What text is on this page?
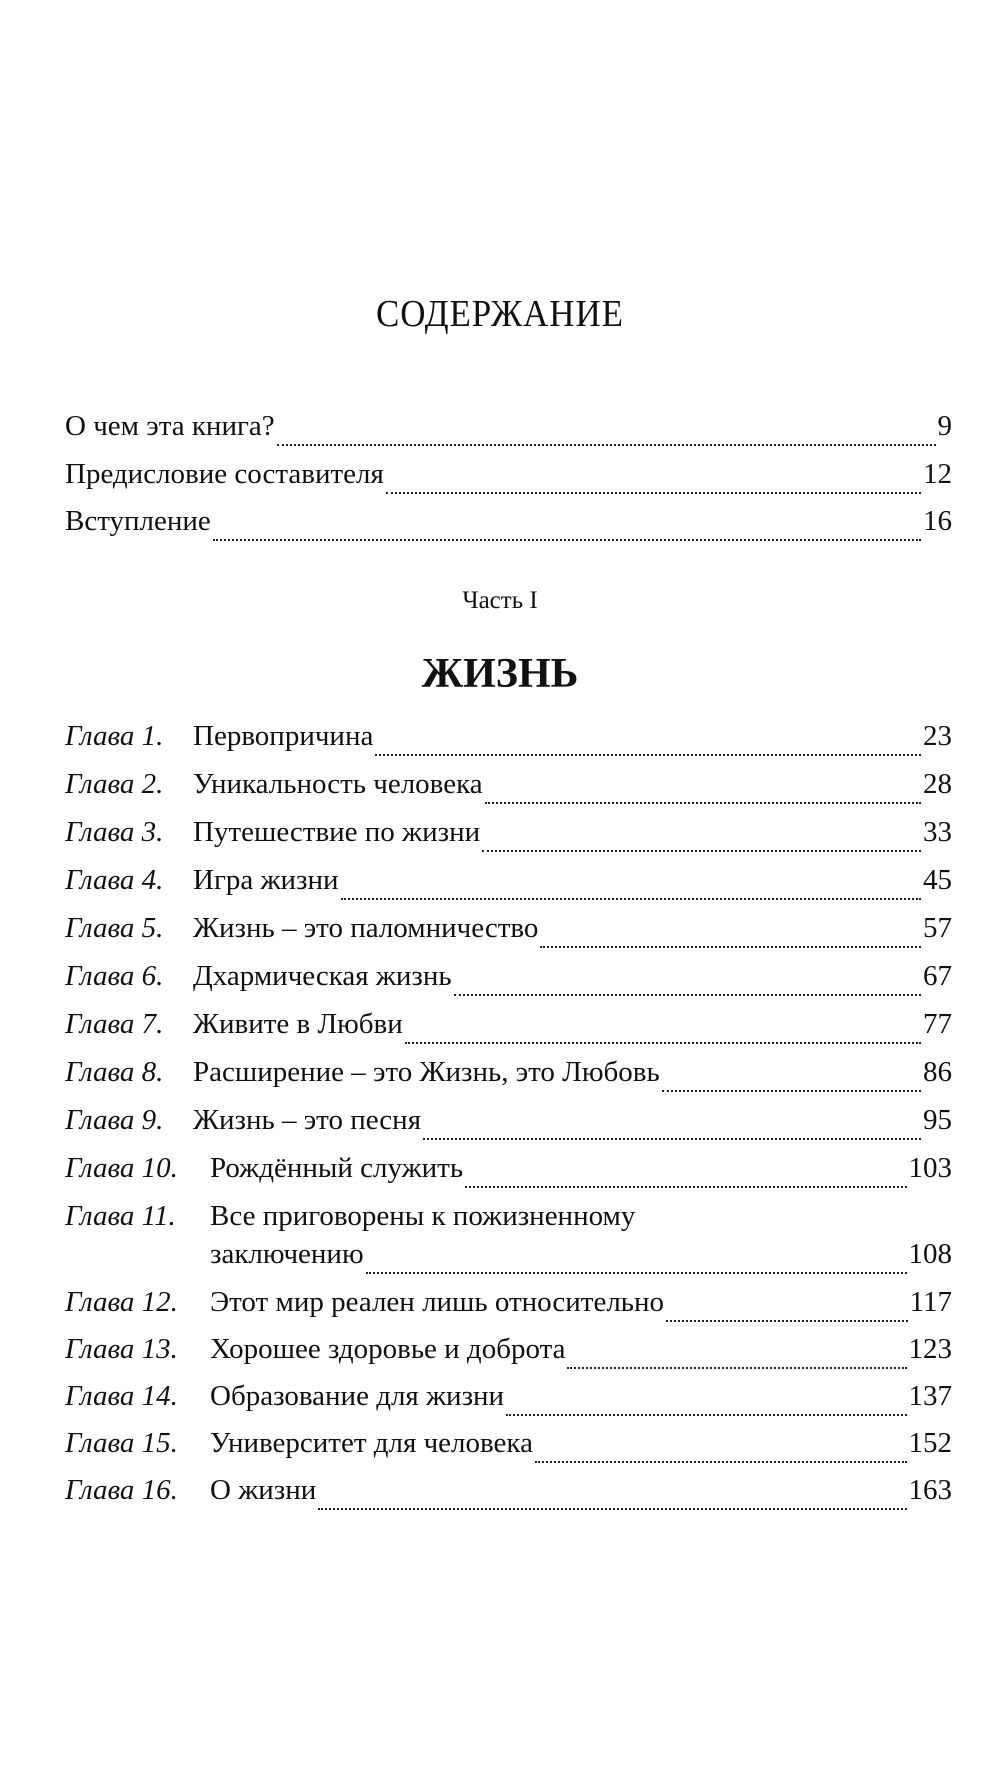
СОДЕРЖАНИЕ
О чем эта книга?	9
Предисловие составителя	12
Вступление	16
Часть I
ЖИЗНЬ
Глава 1.	Первопричина	23
Глава 2.	Уникальность человека	28
Глава 3.	Путешествие по жизни	33
Глава 4.	Игра жизни	45
Глава 5.	Жизнь – это паломничество	57
Глава 6.	Дхармическая жизнь	67
Глава 7.	Живите в Любви	77
Глава 8.	Расширение – это Жизнь, это Любовь	86
Глава 9.	Жизнь – это песня	95
Глава 10.	Рождённый служить	103
Глава 11.	Все приговорены к пожизненному
заключению	108
Глава 12.	Этот мир реален лишь относительно	117
Глава 13.	Хорошее здоровье и доброта	123
Глава 14.	Образование для жизни	137
Глава 15.	Университет для человека	152
Глава 16.	О жизни	163
